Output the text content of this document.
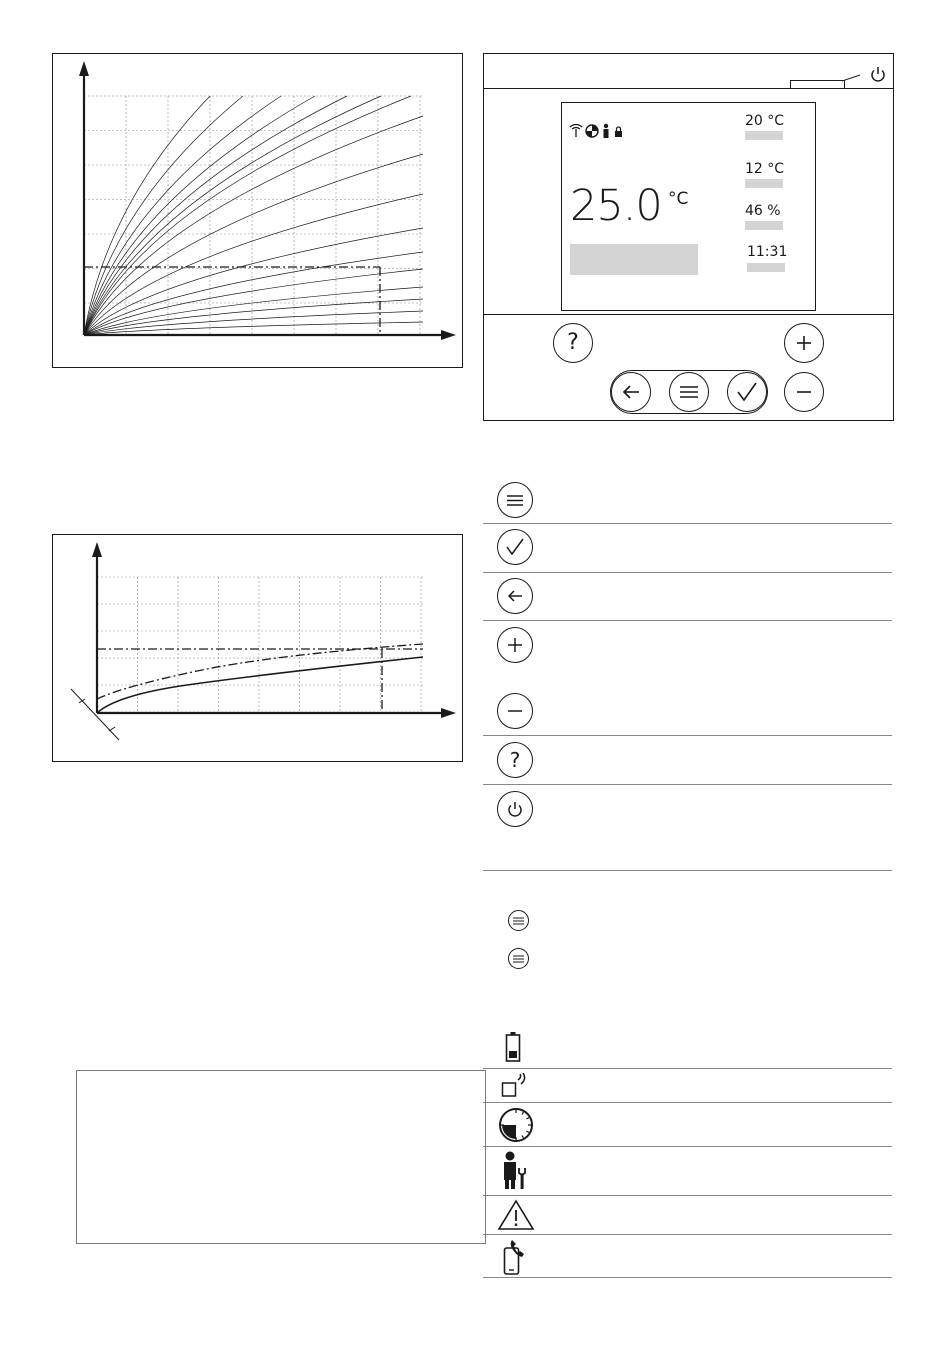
25.0 °C
20 °C
12 °C
46 %
11:31
?
?
